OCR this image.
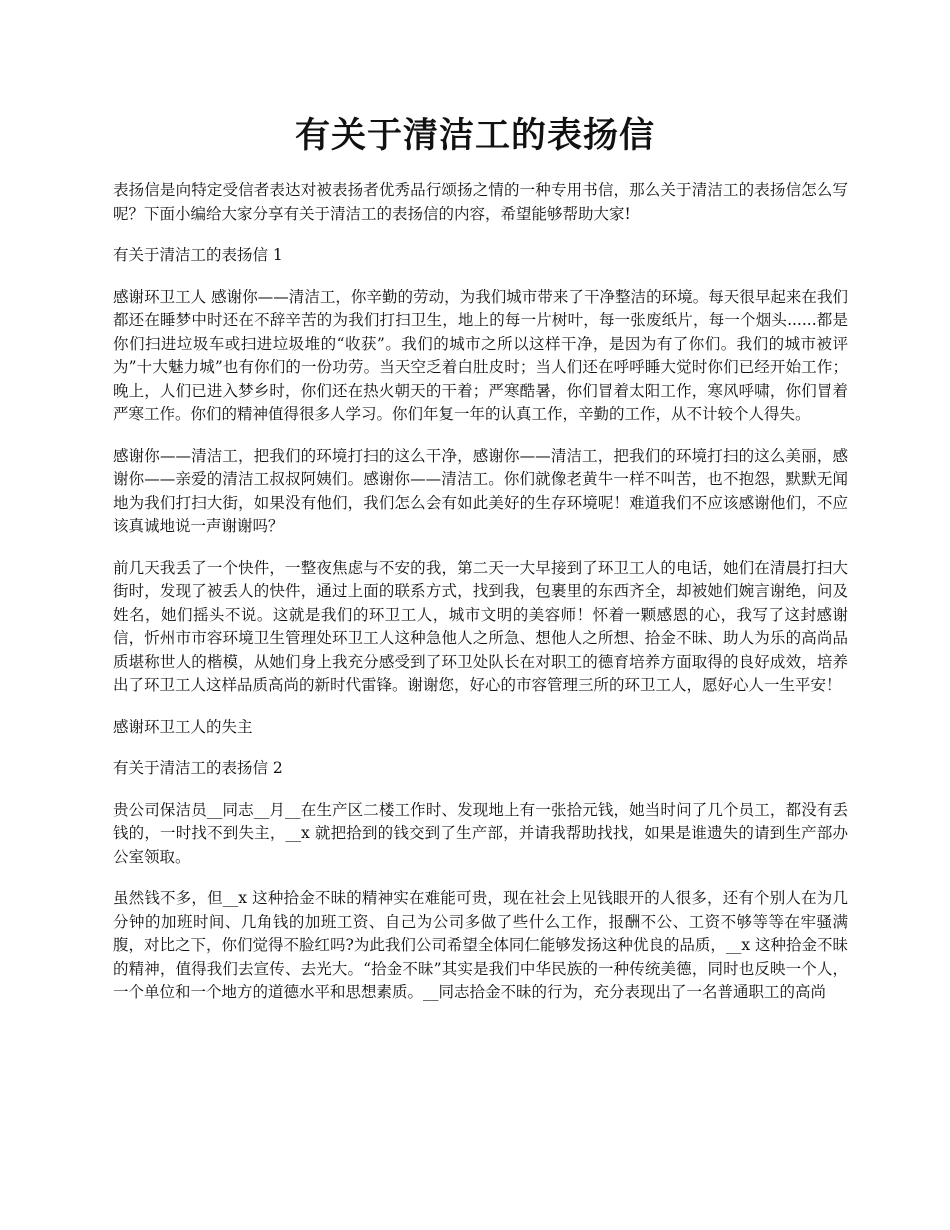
有关于清洁工的表扬信

表扬信是向特定受信者表达对被表扬者优秀品行颂扬之情的一种专用书信，那么关于清洁工的表扬信怎么写呢？下面小编给大家分享有关于清洁工的表扬信的内容，希望能够帮助大家!

有关于清洁工的表扬信 1

感谢环卫工人 感谢你——清洁工，你辛勤的劳动，为我们城市带来了干净整洁的环境。每天很早起来在我们都还在睡梦中时还在不辞辛苦的为我们打扫卫生，地上的每一片树叶，每一张废纸片，每一个烟头......都是你们扫进垃圾车或扫进垃圾堆的“收获”。我们的城市之所以这样干净，是因为有了你们。我们的城市被评为”十大魅力城”也有你们的一份功劳。当天空乏着白肚皮时；当人们还在呼呼睡大觉时你们已经开始工作；晚上，人们已进入梦乡时，你们还在热火朝天的干着；严寒酷暑，你们冒着太阳工作，寒风呼啸，你们冒着严寒工作。你们的精神值得很多人学习。你们年复一年的认真工作，辛勤的工作，从不计较个人得失。

感谢你——清洁工，把我们的环境打扫的这么干净，感谢你——清洁工，把我们的环境打扫的这么美丽，感谢你——亲爱的清洁工叔叔阿姨们。感谢你——清洁工。你们就像老黄牛一样不叫苦，也不抱怨，默默无闻地为我们打扫大街，如果没有他们，我们怎么会有如此美好的生存环境呢！难道我们不应该感谢他们，不应该真诚地说一声谢谢吗？

前几天我丢了一个快件，一整夜焦虑与不安的我，第二天一大早接到了环卫工人的电话，她们在清晨打扫大街时，发现了被丢人的快件，通过上面的联系方式，找到我，包裹里的东西齐全，却被她们婉言谢绝，问及姓名，她们摇头不说。这就是我们的环卫工人，城市文明的美容师！怀着一颗感恩的心，我写了这封感谢信，忻州市市容环境卫生管理处环卫工人这种急他人之所急、想他人之所想、拾金不昧、助人为乐的高尚品质堪称世人的楷模，从她们身上我充分感受到了环卫处队长在对职工的德育培养方面取得的良好成效，培养出了环卫工人这样品质高尚的新时代雷锋。谢谢您，好心的市容管理三所的环卫工人，愿好心人一生平安！

感谢环卫工人的失主

有关于清洁工的表扬信 2

贵公司保洁员__同志__月__在生产区二楼工作时、发现地上有一张拾元钱，她当时问了几个员工，都没有丢钱的，一时找不到失主，__x 就把拾到的钱交到了生产部，并请我帮助找找，如果是谁遗失的请到生产部办公室领取。

虽然钱不多，但__x 这种拾金不昧的精神实在难能可贵，现在社会上见钱眼开的人很多，还有个别人在为几分钟的加班时间、几角钱的加班工资、自己为公司多做了些什么工作，报酬不公、工资不够等等在牢骚满腹，对比之下，你们觉得不脸红吗?为此我们公司希望全体同仁能够发扬这种优良的品质，__x 这种拾金不昧的精神，值得我们去宣传、去光大。“拾金不昧”其实是我们中华民族的一种传统美德，同时也反映一个人，一个单位和一个地方的道德水平和思想素质。__同志拾金不昧的行为，充分表现出了一名普通职工的高尚
